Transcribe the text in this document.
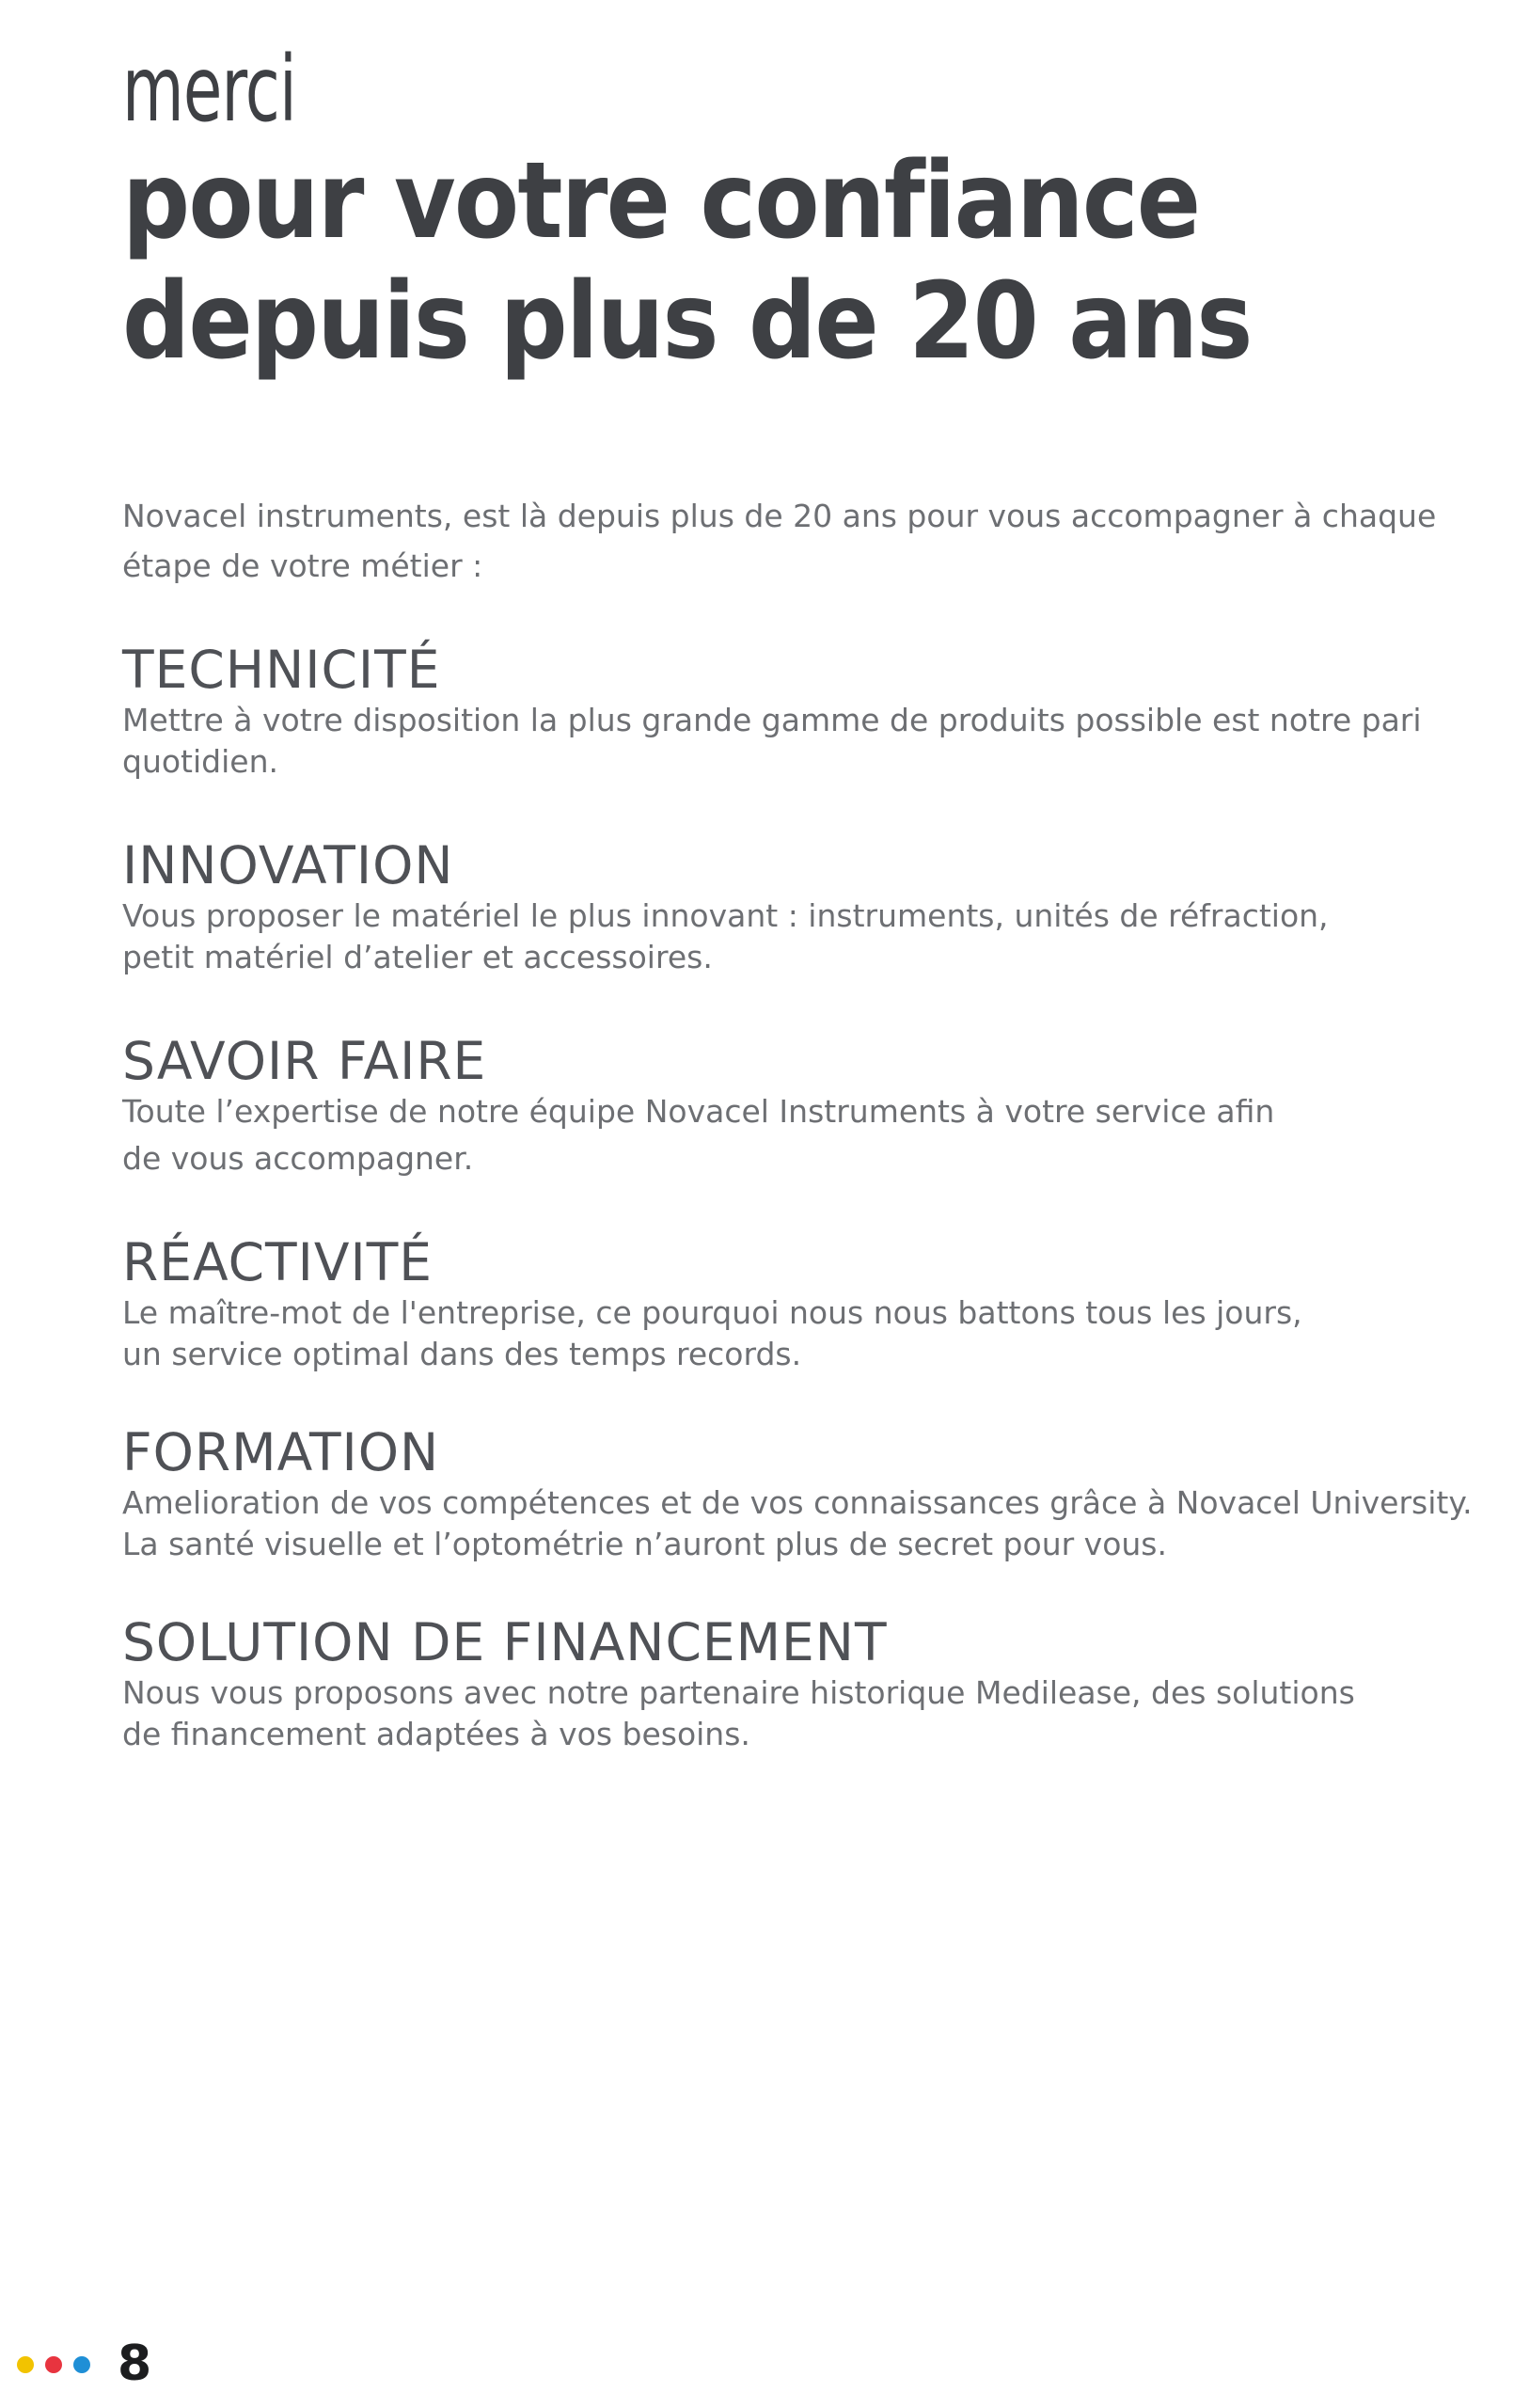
merci
pour votre confiance
depuis plus de 20 ans
Novacel instruments, est là depuis plus de 20 ans pour vous accompagner à chaque étape de votre métier :
TECHNICITÉ
Mettre à votre disposition la plus grande gamme de produits possible est notre pari
quotidien.
INNOVATION
Vous proposer le matériel le plus innovant : instruments, unités de réfraction,
petit matériel d’atelier et accessoires.
SAVOIR FAIRE
Toute l’expertise de notre équipe Novacel Instruments à votre service afin
de vous accompagner.
RÉACTIVITÉ
Le maître-mot de l'entreprise, ce pourquoi nous nous battons tous les jours,
un service optimal dans des temps records.
FORMATION
Amelioration de vos compétences et de vos connaissances grâce à Novacel University.
La santé visuelle et l’optométrie n’auront plus de secret pour vous.
SOLUTION DE FINANCEMENT
Nous vous proposons avec notre partenaire historique Medilease, des solutions
de financement adaptées à vos besoins.
8
